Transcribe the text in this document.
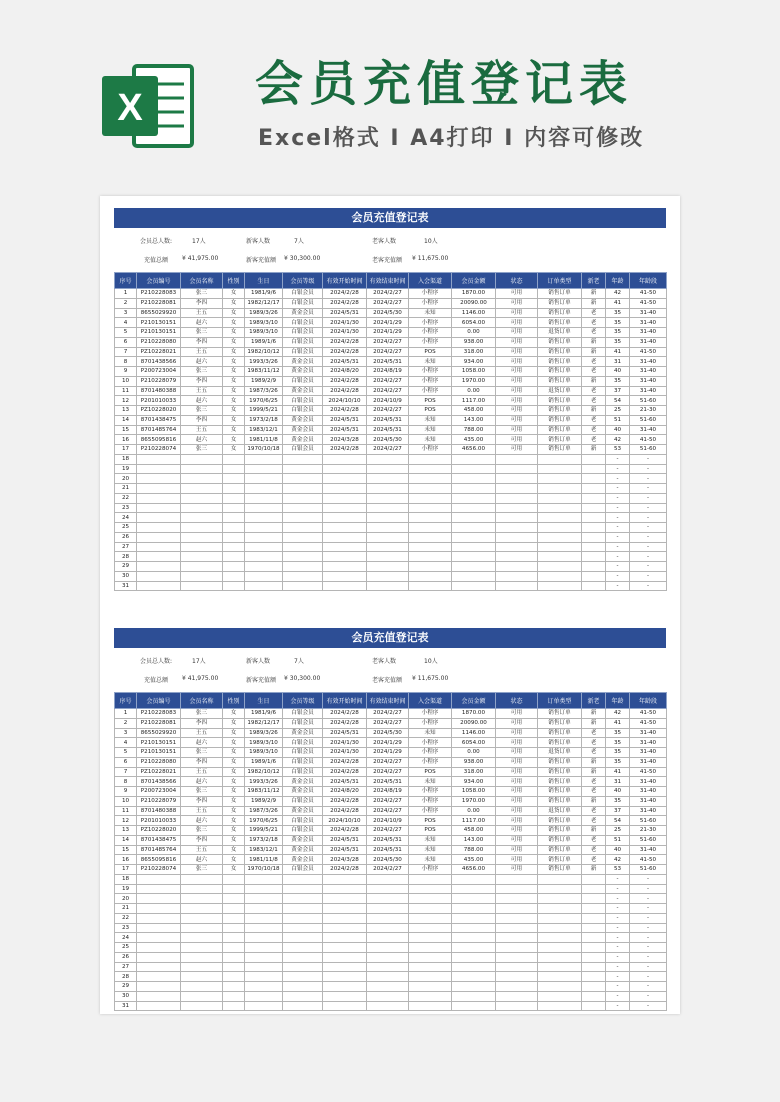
X 会员充值登记表
Excel格式 I A4打印 I 内容可修改
会员充值登记表
会员总人数:	17人	新客人数	7人	老客人数	10人
充值总额 ¥ 41,975.00	新客充值额 ¥ 30,300.00	老客充值额 ¥ 11,675.00
序号	会员编号	会员名称	性别	生日	会员等级	有效开始时间	有效结束时间	入会渠道	会员金额	状态	订单类型	新老	年龄	年龄段
1	P210228083	张三	女	1981/9/6	白银会员	2024/2/28	2024/2/27	小程序	1870.00	可用	销售订单	新	42	41-50
2	P210228081	李四	女	1982/12/17	白银会员	2024/2/28	2024/2/27	小程序	20090.00	可用	销售订单	新	41	41-50
3	8655029920	王五	女	1989/3/26	黄金会员	2024/5/31	2024/5/30	未知	1146.00	可用	销售订单	老	35	31-40
4	P210130151	赵六	女	1989/3/10	白银会员	2024/1/30	2024/1/29	小程序	6054.00	可用	销售订单	老	35	31-40
5	P210130151	张三	女	1989/3/10	白银会员	2024/1/30	2024/1/29	小程序	0.00	可用	退货订单	老	35	31-40
6	P210228080	李四	女	1989/1/6	白银会员	2024/2/28	2024/2/27	小程序	938.00	可用	销售订单	新	35	31-40
7	PZ10228021	王五	女	1982/10/12	白银会员	2024/2/28	2024/2/27	POS	318.00	可用	销售订单	新	41	41-50
8	8701438566	赵六	女	1993/3/26	黄金会员	2024/5/31	2024/5/31	未知	934.00	可用	销售订单	老	31	31-40
9	P200723004	张三	女	1983/11/12	黄金会员	2024/8/20	2024/8/19	小程序	1058.00	可用	销售订单	老	40	31-40
10	P210228079	李四	女	1989/2/9	白银会员	2024/2/28	2024/2/27	小程序	1970.00	可用	销售订单	新	35	31-40
11	8701480388	王五	女	1987/3/26	黄金会员	2024/2/28	2024/2/27	小程序	0.00	可用	退货订单	老	37	31-40
12	P201010033	赵六	女	1970/6/25	白银会员	2024/10/10	2024/10/9	POS	1117.00	可用	销售订单	老	54	51-60
13	PZ10228020	张三	女	1999/5/21	白银会员	2024/2/28	2024/2/27	POS	458.00	可用	销售订单	新	25	21-30
14	8701438475	李四	女	1973/2/18	黄金会员	2024/5/31	2024/5/31	未知	143.00	可用	销售订单	老	51	51-60
15	8701485764	王五	女	1983/12/1	黄金会员	2024/5/31	2024/5/31	未知	788.00	可用	销售订单	老	40	31-40
16	8655095816	赵六	女	1981/11/8	黄金会员	2024/3/28	2024/5/30	未知	435.00	可用	销售订单	老	42	41-50
17	P210228074	张三	女	1970/10/18	白银会员	2024/2/28	2024/2/27	小程序	4656.00	可用	销售订单	新	53	51-60
18													-	-
19													-	-
20													-	-
21													-	-
22													-	-
23													-	-
24													-	-
25													-	-
26													-	-
27													-	-
28													-	-
29													-	-
30													-	-
31													-	-
会员充值登记表
会员总人数:	17人	新客人数	7人	老客人数	10人
充值总额 ¥ 41,975.00	新客充值额 ¥ 30,300.00	老客充值额 ¥ 11,675.00
序号	会员编号	会员名称	性别	生日	会员等级	有效开始时间	有效结束时间	入会渠道	会员金额	状态	订单类型	新老	年龄	年龄段
1	P210228083	张三	女	1981/9/6	白银会员	2024/2/28	2024/2/27	小程序	1870.00	可用	销售订单	新	42	41-50
2	P210228081	李四	女	1982/12/17	白银会员	2024/2/28	2024/2/27	小程序	20090.00	可用	销售订单	新	41	41-50
3	8655029920	王五	女	1989/3/26	黄金会员	2024/5/31	2024/5/30	未知	1146.00	可用	销售订单	老	35	31-40
4	P210130151	赵六	女	1989/3/10	白银会员	2024/1/30	2024/1/29	小程序	6054.00	可用	销售订单	老	35	31-40
5	P210130151	张三	女	1989/3/10	白银会员	2024/1/30	2024/1/29	小程序	0.00	可用	退货订单	老	35	31-40
6	P210228080	李四	女	1989/1/6	白银会员	2024/2/28	2024/2/27	小程序	938.00	可用	销售订单	新	35	31-40
7	PZ10228021	王五	女	1982/10/12	白银会员	2024/2/28	2024/2/27	POS	318.00	可用	销售订单	新	41	41-50
8	8701438566	赵六	女	1993/3/26	黄金会员	2024/5/31	2024/5/31	未知	934.00	可用	销售订单	老	31	31-40
9	P200723004	张三	女	1983/11/12	黄金会员	2024/8/20	2024/8/19	小程序	1058.00	可用	销售订单	老	40	31-40
10	P210228079	李四	女	1989/2/9	白银会员	2024/2/28	2024/2/27	小程序	1970.00	可用	销售订单	新	35	31-40
11	8701480388	王五	女	1987/3/26	黄金会员	2024/2/28	2024/2/27	小程序	0.00	可用	退货订单	老	37	31-40
12	P201010033	赵六	女	1970/6/25	白银会员	2024/10/10	2024/10/9	POS	1117.00	可用	销售订单	老	54	51-60
13	PZ10228020	张三	女	1999/5/21	白银会员	2024/2/28	2024/2/27	POS	458.00	可用	销售订单	新	25	21-30
14	8701438475	李四	女	1973/2/18	黄金会员	2024/5/31	2024/5/31	未知	143.00	可用	销售订单	老	51	51-60
15	8701485764	王五	女	1983/12/1	黄金会员	2024/5/31	2024/5/31	未知	788.00	可用	销售订单	老	40	31-40
16	8655095816	赵六	女	1981/11/8	黄金会员	2024/3/28	2024/5/30	未知	435.00	可用	销售订单	老	42	41-50
17	P210228074	张三	女	1970/10/18	白银会员	2024/2/28	2024/2/27	小程序	4656.00	可用	销售订单	新	53	51-60
18													-	-
19													-	-
20													-	-
21													-	-
22													-	-
23													-	-
24													-	-
25													-	-
26													-	-
27													-	-
28													-	-
29													-	-
30													-	-
31													-	-
